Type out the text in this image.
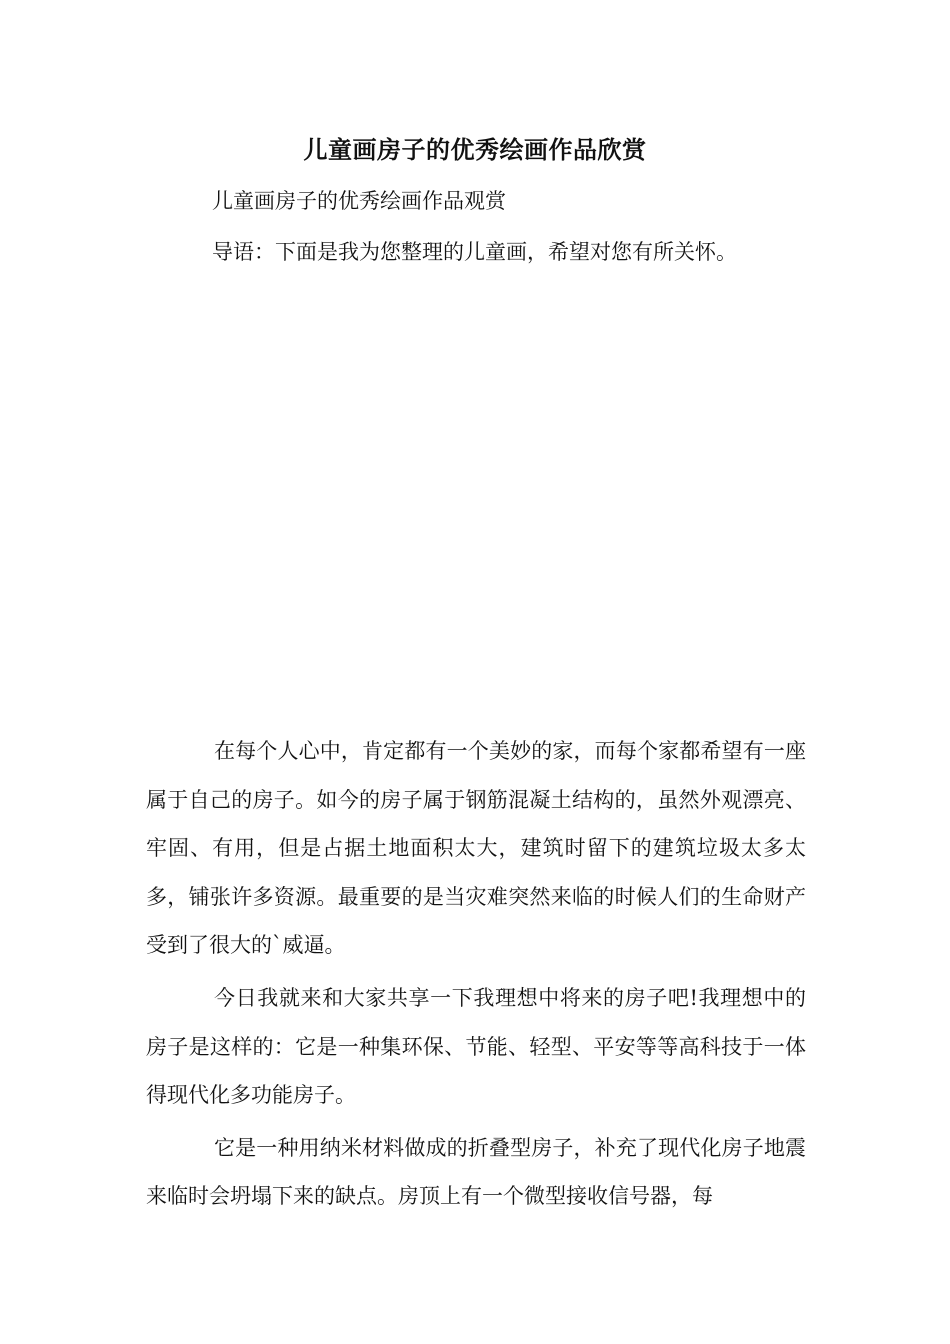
儿童画房子的优秀绘画作品欣赏
儿童画房子的优秀绘画作品观赏
导语：下面是我为您整理的儿童画，希望对您有所关怀。

在每个人心中，肯定都有一个美妙的家，而每个家都希望有一座属于自己的房子。如今的房子属于钢筋混凝土结构的，虽然外观漂亮、牢固、有用，但是占据土地面积太大，建筑时留下的建筑垃圾太多太多，铺张许多资源。最重要的是当灾难突然来临的时候人们的生命财产受到了很大的`威逼。

今日我就来和大家共享一下我理想中将来的房子吧!我理想中的房子是这样的：它是一种集环保、节能、轻型、平安等等高科技于一体得现代化多功能房子。

它是一种用纳米材料做成的折叠型房子，补充了现代化房子地震来临时会坍塌下来的缺点。房顶上有一个微型接收信号器，每
